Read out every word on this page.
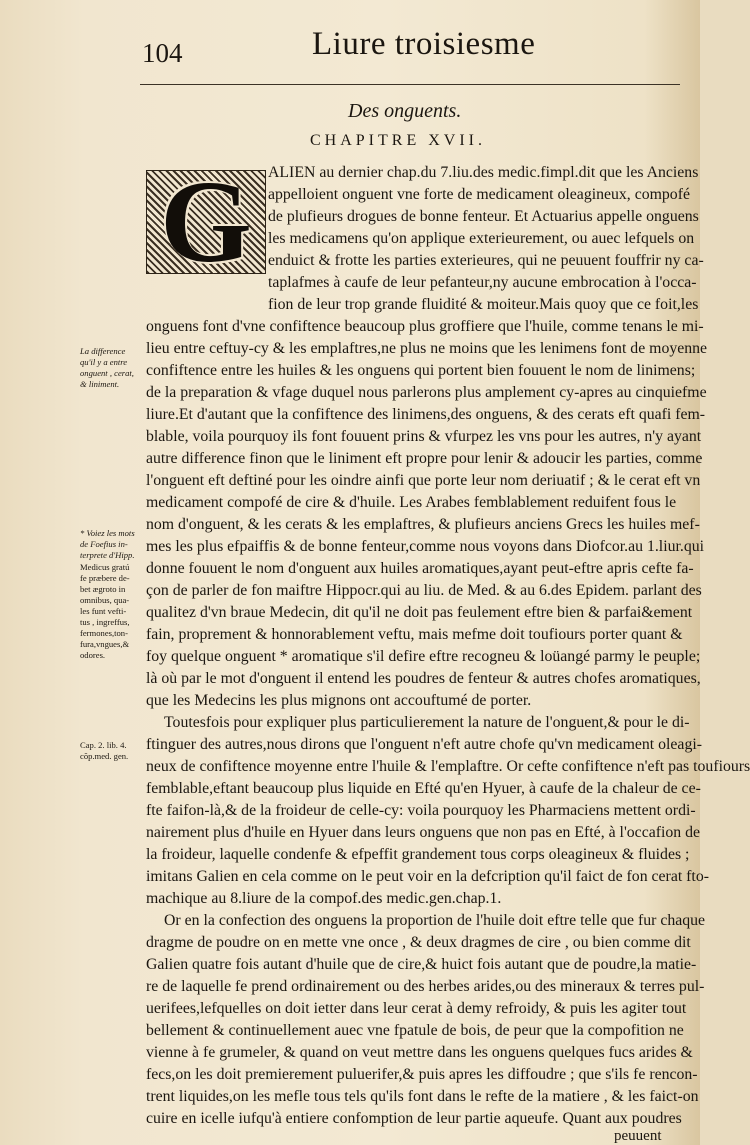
104	Liure troisiesme
Des onguents.
CHAPITRE XVII.
G	ALIEN au dernier chap.du 7.liu.des medic.fimpl.dit que les Anciens
appelloient onguent vne forte de medicament oleagineux, compofé
de plufieurs drogues de bonne fenteur. Et Actuarius appelle onguens
les medicamens qu'on applique exterieurement, ou auec lefquels on
enduict & frotte les parties exterieures, qui ne peuuent fouffrir ny ca-
taplafmes à caufe de leur pefanteur,ny aucune embrocation à l'occa-
fion de leur trop grande fluidité & moiteur.Mais quoy que ce foit,les
onguens font d'vne confiftence beaucoup plus groffiere que l'huile, comme tenans le mi-
lieu entre ceftuy-cy & les emplaftres,ne plus ne moins que les lenimens font de moyenne
confiftence entre les huiles & les onguens qui portent bien fouuent le nom de linimens;
de la preparation & vfage duquel nous parlerons plus amplement cy-apres au cinquiefme
liure.Et d'autant que la confiftence des linimens,des onguens, & des cerats eft quafi fem-
blable, voila pourquoy ils font fouuent prins & vfurpez les vns pour les autres, n'y ayant
autre difference finon que le liniment eft propre pour lenir & adoucir les parties, comme
l'onguent eft deftiné pour les oindre ainfi que porte leur nom deriuatif ; & le cerat eft vn
medicament compofé de cire & d'huile. Les Arabes femblablement reduifent fous le
nom d'onguent, & les cerats & les emplaftres, & plufieurs anciens Grecs les huiles mef-
mes les plus efpaiffis & de bonne fenteur,comme nous voyons dans Diofcor.au 1.liur.qui
donne fouuent le nom d'onguent aux huiles aromatiques,ayant peut-eftre apris cefte fa-
çon de parler de fon maiftre Hippocr.qui au liu. de Med. & au 6.des Epidem. parlant des
qualitez d'vn braue Medecin, dit qu'il ne doit pas feulement eftre bien & parfai&ement
fain, proprement & honnorablement veftu, mais mefme doit toufiours porter quant &
foy quelque onguent * aromatique s'il defire eftre recogneu & loüangé parmy le peuple;
là où par le mot d'onguent il entend les poudres de fenteur & autres chofes aromatiques,
que les Medecins les plus mignons ont accouftumé de porter.
Toutesfois pour expliquer plus particulierement la nature de l'onguent,& pour le di-
ftinguer des autres,nous dirons que l'onguent n'eft autre chofe qu'vn medicament oleagi-
neux de confiftence moyenne entre l'huile & l'emplaftre. Or cefte confiftence n'eft pas toufiours
femblable,eftant beaucoup plus liquide en Efté qu'en Hyuer, à caufe de la chaleur de ce-
fte faifon-là,& de la froideur de celle-cy: voila pourquoy les Pharmaciens mettent ordi-
nairement plus d'huile en Hyuer dans leurs onguens que non pas en Efté, à l'occafion de
la froideur, laquelle condenfe & efpeffit grandement tous corps oleagineux & fluides ;
imitans Galien en cela comme on le peut voir en la defcription qu'il faict de fon cerat fto-
machique au 8.liure de la compof.des medic.gen.chap.1.
Or en la confection des onguens la proportion de l'huile doit eftre telle que fur chaque
dragme de poudre on en mette vne once , & deux dragmes de cire , ou bien comme dit
Galien quatre fois autant d'huile que de cire,& huict fois autant que de poudre,la matie-
re de laquelle fe prend ordinairement ou des herbes arides,ou des mineraux & terres pul-
uerifees,lefquelles on doit ietter dans leur cerat à demy refroidy, & puis les agiter tout
bellement & continuellement auec vne fpatule de bois, de peur que la compofition ne
vienne à fe grumeler, & quand on veut mettre dans les onguens quelques fucs arides &
fecs,on les doit premierement puluerifer,& puis apres les diffoudre ; que s'ils fe rencon-
trent liquides,on les mefle tous tels qu'ils font dans le refte de la matiere , & les faict-on
cuire en icelle iufqu'à entiere confomption de leur partie aqueufe. Quant aux poudres
La difference
qu'il y a entre
onguent , cerat,
& liniment.
* Voiez les mots
de Foefius in-
terprete d'Hipp.
Medicus gratú
fe præbere de-
bet ægroto in
omnibus, qua-
les funt vefti-
tus , ingreffus,
fermones,ton-
fura,vngues,&
odores.
Cap. 2. lib. 4.
cõp.med. gen.
peuuent
